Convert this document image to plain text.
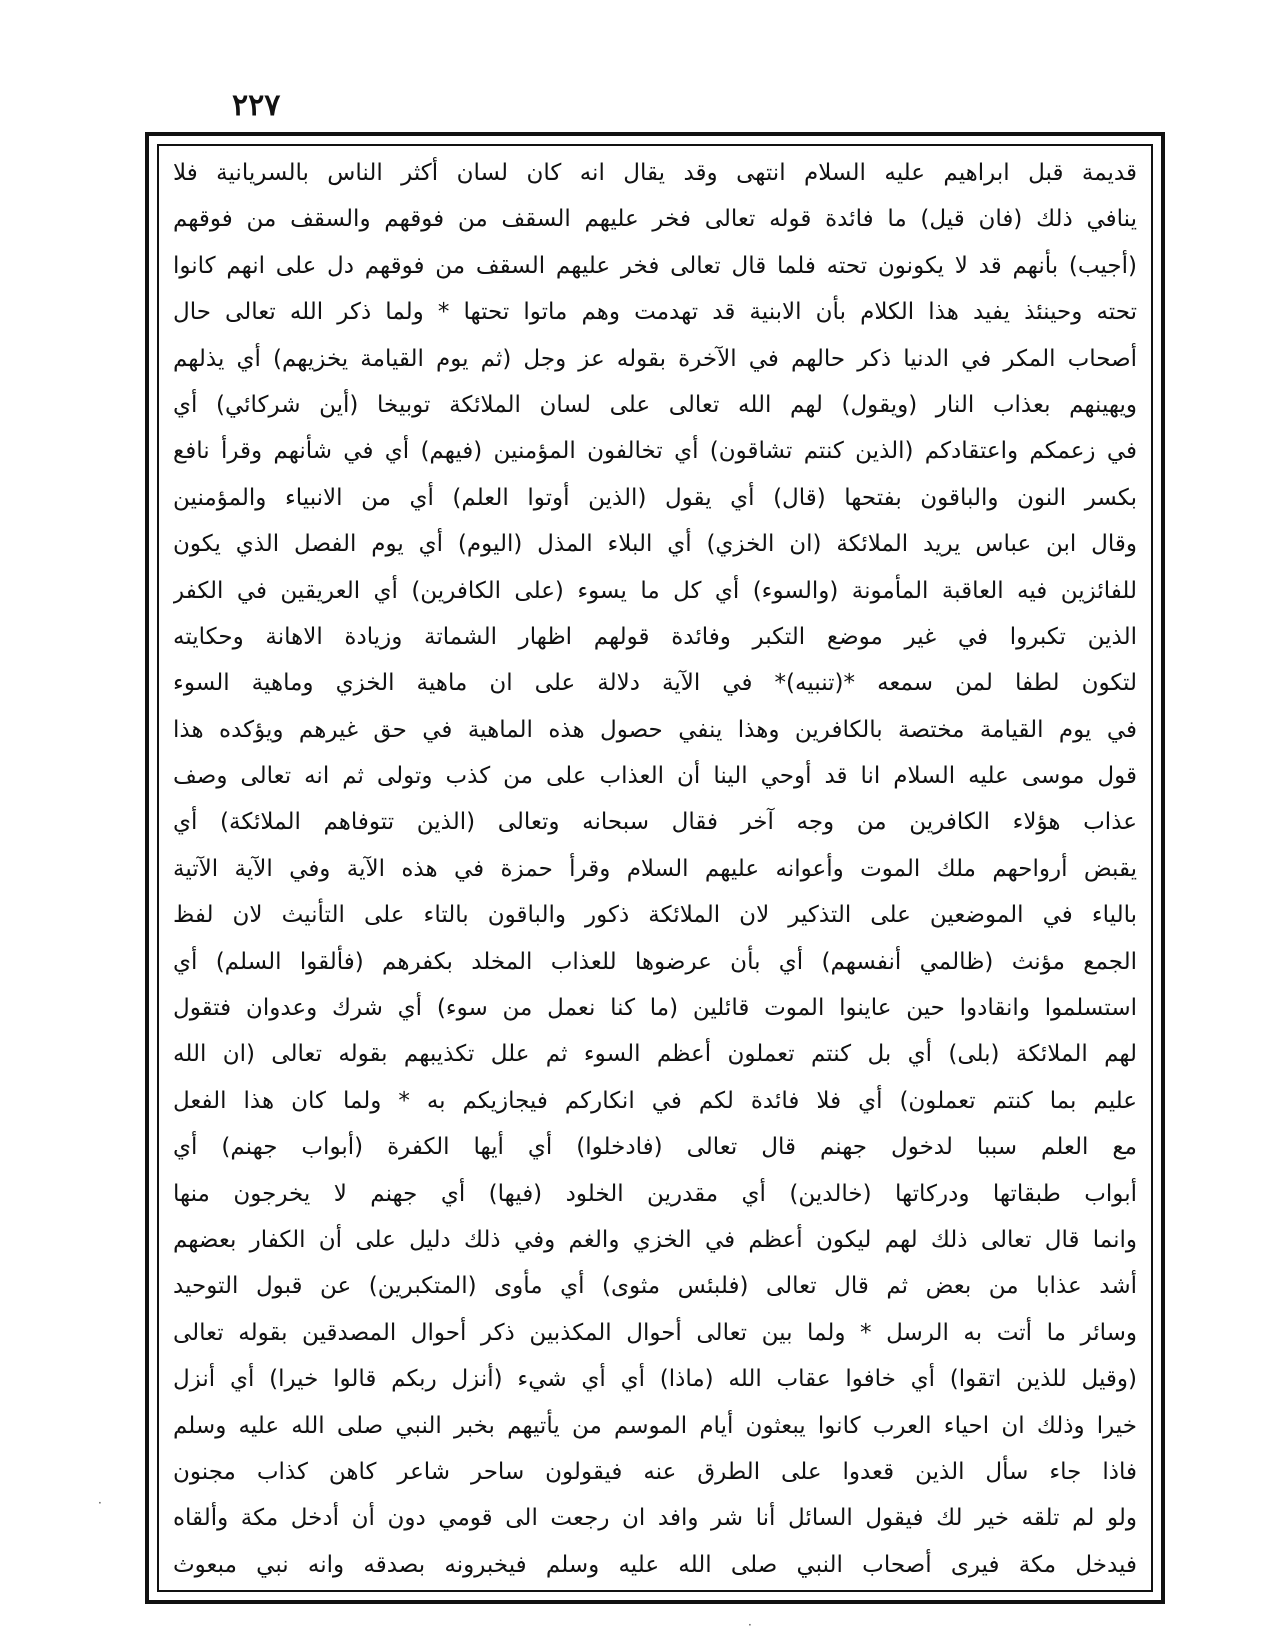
٢٢٧
قديمة قبل ابراهيم عليه السلام انتهى وقد يقال انه كان لسان أكثر الناس بالسريانية فلا
ينافي ذلك (فان قيل) ما فائدة قوله تعالى فخر عليهم السقف من فوقهم والسقف من فوقهم
(أجيب) بأنهم قد لا يكونون تحته فلما قال تعالى فخر عليهم السقف من فوقهم دل على انهم كانوا
تحته وحينئذ يفيد هذا الكلام بأن الابنية قد تهدمت وهم ماتوا تحتها * ولما ذكر الله تعالى حال
أصحاب المكر في الدنيا ذكر حالهم في الآخرة بقوله عز وجل (ثم يوم القيامة يخزيهم) أي يذلهم
ويهينهم بعذاب النار (ويقول) لهم الله تعالى على لسان الملائكة توبيخا (أين شركائي) أي
في زعمكم واعتقادكم (الذين كنتم تشاقون) أي تخالفون المؤمنين (فيهم) أي في شأنهم وقرأ نافع
بكسر النون والباقون بفتحها (قال) أي يقول (الذين أوتوا العلم) أي من الانبياء والمؤمنين
وقال ابن عباس يريد الملائكة (ان الخزي) أي البلاء المذل (اليوم) أي يوم الفصل الذي يكون
للفائزين فيه العاقبة المأمونة (والسوء) أي كل ما يسوء (على الكافرين) أي العريقين في الكفر
الذين تكبروا في غير موضع التكبر وفائدة قولهم اظهار الشماتة وزيادة الاهانة وحكايته
لتكون لطفا لمن سمعه *(تنبيه)* في الآية دلالة على ان ماهية الخزي وماهية السوء
في يوم القيامة مختصة بالكافرين وهذا ينفي حصول هذه الماهية في حق غيرهم ويؤكده هذا
قول موسى عليه السلام انا قد أوحي الينا أن العذاب على من كذب وتولى ثم انه تعالى وصف
عذاب هؤلاء الكافرين من وجه آخر فقال سبحانه وتعالى (الذين تتوفاهم الملائكة) أي
يقبض أرواحهم ملك الموت وأعوانه عليهم السلام وقرأ حمزة في هذه الآية وفي الآية الآتية
بالياء في الموضعين على التذكير لان الملائكة ذكور والباقون بالتاء على التأنيث لان لفظ
الجمع مؤنث (ظالمي أنفسهم) أي بأن عرضوها للعذاب المخلد بكفرهم (فألقوا السلم) أي
استسلموا وانقادوا حين عاينوا الموت قائلين (ما كنا نعمل من سوء) أي شرك وعدوان فتقول
لهم الملائكة (بلى) أي بل كنتم تعملون أعظم السوء ثم علل تكذيبهم بقوله تعالى (ان الله
عليم بما كنتم تعملون) أي فلا فائدة لكم في انكاركم فيجازيكم به * ولما كان هذا الفعل
مع العلم سببا لدخول جهنم قال تعالى (فادخلوا) أي أيها الكفرة (أبواب جهنم) أي
أبواب طبقاتها ودركاتها (خالدين) أي مقدرين الخلود (فيها) أي جهنم لا يخرجون منها
وانما قال تعالى ذلك لهم ليكون أعظم في الخزي والغم وفي ذلك دليل على أن الكفار بعضهم
أشد عذابا من بعض ثم قال تعالى (فلبئس مثوى) أي مأوى (المتكبرين) عن قبول التوحيد
وسائر ما أتت به الرسل * ولما بين تعالى أحوال المكذبين ذكر أحوال المصدقين بقوله تعالى
(وقيل للذين اتقوا) أي خافوا عقاب الله (ماذا) أي أي شيء (أنزل ربكم قالوا خيرا) أي أنزل
خيرا وذلك ان احياء العرب كانوا يبعثون أيام الموسم من يأتيهم بخبر النبي صلى الله عليه وسلم
فاذا جاء سأل الذين قعدوا على الطرق عنه فيقولون ساحر شاعر كاهن كذاب مجنون
ولو لم تلقه خير لك فيقول السائل أنا شر وافد ان رجعت الى قومي دون أن أدخل مكة وألقاه
فيدخل مكة فيرى أصحاب النبي صلى الله عليه وسلم فيخبرونه بصدقه وانه نبي مبعوث
·
·
